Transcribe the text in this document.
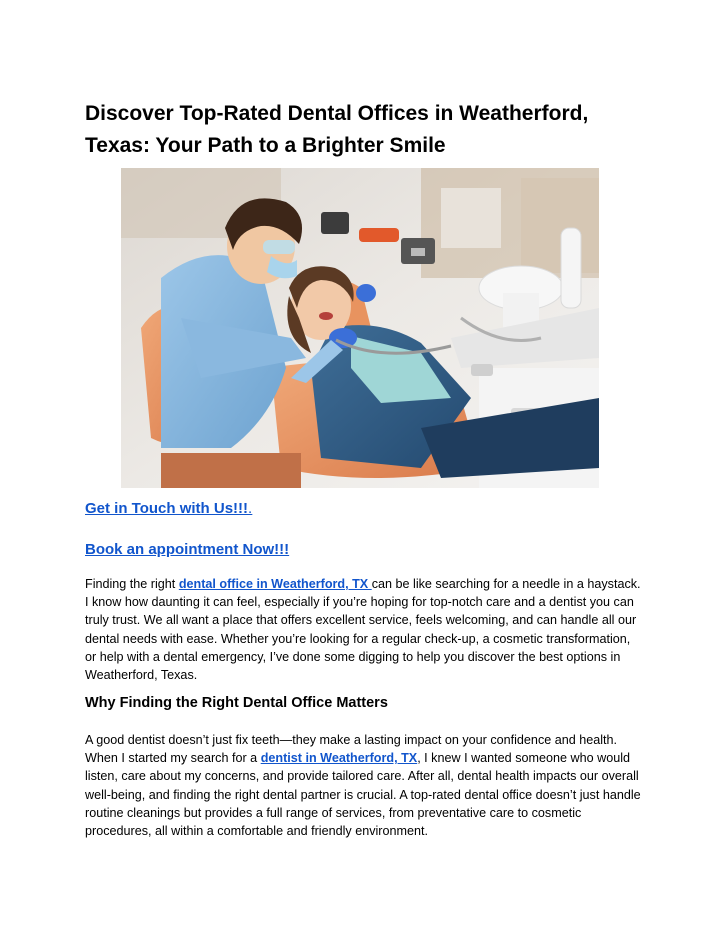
Discover Top-Rated Dental Offices in Weatherford, Texas: Your Path to a Brighter Smile
Get in Touch with Us!!!.
Book an appointment Now!!!

Finding the right dental office in Weatherford, TX can be like searching for a needle in a haystack. I know how daunting it can feel, especially if you’re hoping for top-notch care and a dentist you can truly trust. We all want a place that offers excellent service, feels welcoming, and can handle all our dental needs with ease. Whether you’re looking for a regular check-up, a cosmetic transformation, or help with a dental emergency, I’ve done some digging to help you discover the best options in Weatherford, Texas.

Why Finding the Right Dental Office Matters

A good dentist doesn’t just fix teeth—they make a lasting impact on your confidence and health. When I started my search for a dentist in Weatherford, TX, I knew I wanted someone who would listen, care about my concerns, and provide tailored care. After all, dental health impacts our overall well-being, and finding the right dental partner is crucial. A top-rated dental office doesn’t just handle routine cleanings but provides a full range of services, from preventative care to cosmetic procedures, all within a comfortable and friendly environment.
